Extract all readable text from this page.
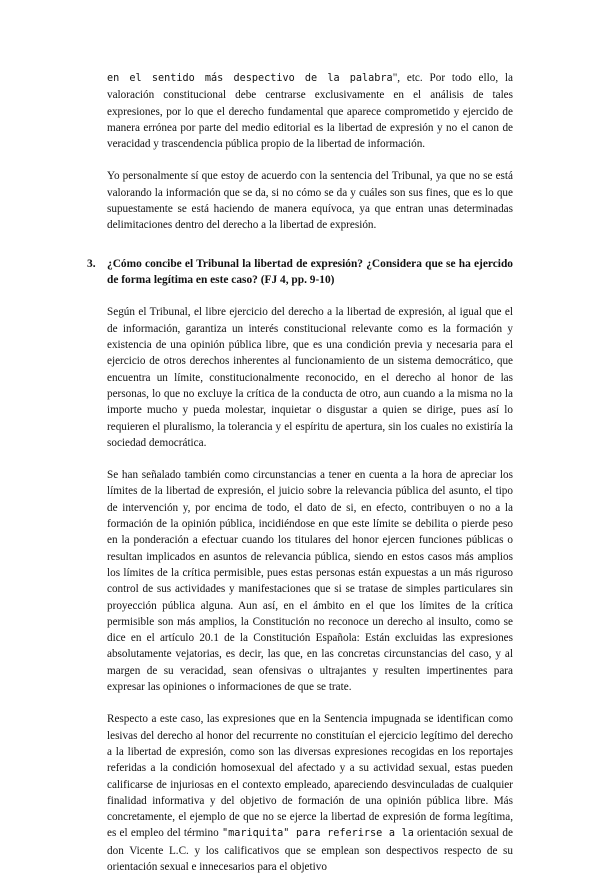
en el sentido más despectivo de la palabra", etc. Por todo ello, la valoración constitucional debe centrarse exclusivamente en el análisis de tales expresiones, por lo que el derecho fundamental que aparece comprometido y ejercido de manera errónea por parte del medio editorial es la libertad de expresión y no el canon de veracidad y trascendencia pública propio de la libertad de información.

Yo personalmente sí que estoy de acuerdo con la sentencia del Tribunal, ya que no se está valorando la información que se da, si no cómo se da y cuáles son sus fines, que es lo que supuestamente se está haciendo de manera equívoca, ya que entran unas determinadas delimitaciones dentro del derecho a la libertad de expresión.

3. ¿Cómo concibe el Tribunal la libertad de expresión? ¿Considera que se ha ejercido de forma legítima en este caso? (FJ 4, pp. 9-10)

Según el Tribunal, el libre ejercicio del derecho a la libertad de expresión, al igual que el de información, garantiza un interés constitucional relevante como es la formación y existencia de una opinión pública libre, que es una condición previa y necesaria para el ejercicio de otros derechos inherentes al funcionamiento de un sistema democrático, que encuentra un límite, constitucionalmente reconocido, en el derecho al honor de las personas, lo que no excluye la crítica de la conducta de otro, aun cuando a la misma no la importe mucho y pueda molestar, inquietar o disgustar a quien se dirige, pues así lo requieren el pluralismo, la tolerancia y el espíritu de apertura, sin los cuales no existiría la sociedad democrática.

Se han señalado también como circunstancias a tener en cuenta a la hora de apreciar los límites de la libertad de expresión, el juicio sobre la relevancia pública del asunto, el tipo de intervención y, por encima de todo, el dato de si, en efecto, contribuyen o no a la formación de la opinión pública, incidiéndose en que este límite se debilita o pierde peso en la ponderación a efectuar cuando los titulares del honor ejercen funciones públicas o resultan implicados en asuntos de relevancia pública, siendo en estos casos más amplios los límites de la crítica permisible, pues estas personas están expuestas a un más riguroso control de sus actividades y manifestaciones que si se tratase de simples particulares sin proyección pública alguna. Aun así, en el ámbito en el que los límites de la crítica permisible son más amplios, la Constitución no reconoce un derecho al insulto, como se dice en el artículo 20.1 de la Constitución Española: Están excluidas las expresiones absolutamente vejatorias, es decir, las que, en las concretas circunstancias del caso, y al margen de su veracidad, sean ofensivas o ultrajantes y resulten impertinentes para expresar las opiniones o informaciones de que se trate.

Respecto a este caso, las expresiones que en la Sentencia impugnada se identifican como lesivas del derecho al honor del recurrente no constituían el ejercicio legítimo del derecho a la libertad de expresión, como son las diversas expresiones recogidas en los reportajes referidas a la condición homosexual del afectado y a su actividad sexual, estas pueden calificarse de injuriosas en el contexto empleado, apareciendo desvinculadas de cualquier finalidad informativa y del objetivo de formación de una opinión pública libre. Más concretamente, el ejemplo de que no se ejerce la libertad de expresión de forma legítima, es el empleo del término "mariquita" para referirse a la orientación sexual de don Vicente L.C. y los calificativos que se emplean son despectivos respecto de su orientación sexual e innecesarios para el objetivo
